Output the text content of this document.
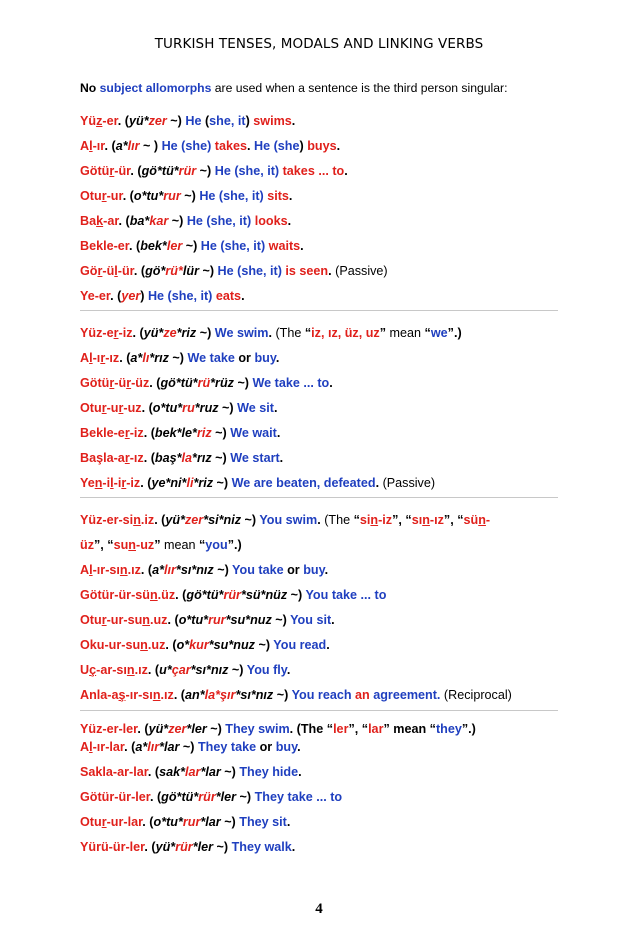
TURKISH TENSES, MODALS AND LINKING VERBS
No subject allomorphs are used when a sentence is the third person singular:
Yüz-er. (yü*zer ~) He (she, it) swims.
Al-ır. (a*lır ~ ) He (she) takes. He (she) buys.
Götür-ür. (gö*tü*rür ~) He (she, it) takes ... to.
Otur-ur. (o*tu*rur ~) He (she, it) sits.
Bak-ar. (ba*kar ~) He (she, it) looks.
Bekle-er. (bek*ler ~) He (she, it) waits.
Gör-ül-ür. (gö*rü*lür ~) He (she, it) is seen. (Passive)
Ye-er. (yer) He (she, it) eats.
Yüz-er-iz. (yü*ze*riz ~) We swim. (The “iz, ız, üz, uz” mean “we”.)
Al-ır-ız. (a*lı*rız ~) We take or buy.
Götür-ür-üz. (gö*tü*rü*rüz ~) We take ... to.
Otur-ur-uz. (o*tu*ru*ruz ~) We sit.
Bekle-er-iz. (bek*le*riz ~) We wait.
Başla-ar-ız. (baş*la*rız ~) We start.
Yen-il-ir-iz. (ye*ni*li*riz ~) We are beaten, defeated. (Passive)
Yüz-er-sin.iz. (yü*zer*si*niz ~) You swim. (The “sin-iz”, “sın-ız”, “sün-
üz”, “sun-uz” mean “you”.)
Al-ır-sın.ız. (a*lır*sı*nız ~) You take or buy.
Götür-ür-sün.üz. (gö*tü*rür*sü*nüz ~) You take ... to
Otur-ur-sun.uz. (o*tu*rur*su*nuz ~) You sit.
Oku-ur-sun.uz. (o*kur*su*nuz ~) You read.
Uç-ar-sın.ız. (u*çar*sı*nız ~) You fly.
Anla-aş-ır-sın.ız. (an*la*şır*sı*nız ~) You reach an agreement. (Reciprocal)
Yüz-er-ler. (yü*zer*ler ~) They swim. (The “ler”, “lar” mean “they”.)
Al-ır-lar. (a*lır*lar ~) They take or buy.
Sakla-ar-lar. (sak*lar*lar ~) They hide.
Götür-ür-ler. (gö*tü*rür*ler ~) They take ... to
Otur-ur-lar. (o*tu*rur*lar ~) They sit.
Yürü-ür-ler. (yü*rür*ler ~) They walk.
4
